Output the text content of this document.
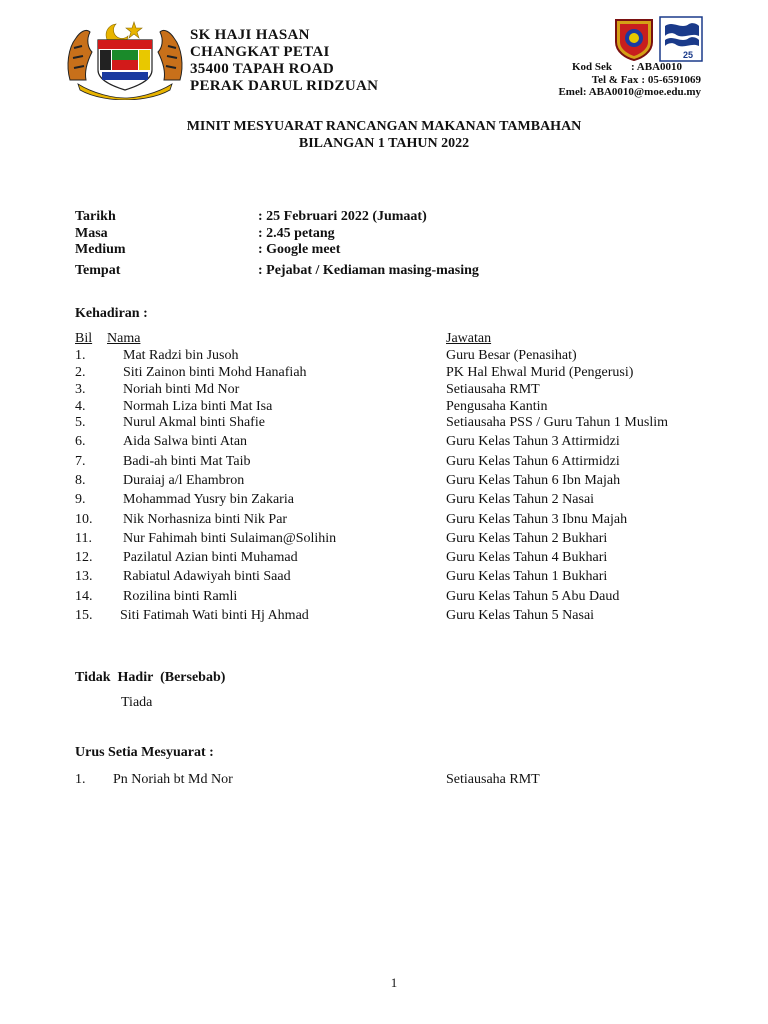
SK HAJI HASAN
CHANGKAT PETAI
35400 TAPAH ROAD
PERAK DARUL RIDZUAN
25
Kod Sek	: ABA0010
Tel & Fax : 05-6591069
Emel : ABA0010@moe.edu.my
MINIT MESYUARAT RANCANGAN MAKANAN TAMBAHAN
BILANGAN 1 TAHUN 2022
Tarikh	: 25 Februari 2022 (Jumaat)
Masa	: 2.45 petang
Medium	: Google meet
Tempat	: Pejabat / Kediaman masing-masing
Kehadiran :
Bil Nama	Jawatan
1.	Mat Radzi bin Jusoh	Guru Besar (Penasihat)
2.	Siti Zainon binti Mohd Hanafiah	PK Hal Ehwal Murid (Pengerusi)
3.	Noriah binti Md Nor	Setiausaha RMT
4.	Normah Liza binti Mat Isa	Pengusaha Kantin
5.	Nurul Akmal binti Shafie	Setiausaha PSS / Guru Tahun 1 Muslim
6.	Aida Salwa binti Atan	Guru Kelas Tahun 3 Attirmidzi
7.	Badi-ah binti Mat Taib	Guru Kelas Tahun 6 Attirmidzi
8.	Duraiaj a/l Ehambron	Guru Kelas Tahun 6 Ibn Majah
9.	Mohammad Yusry bin Zakaria	Guru Kelas Tahun 2 Nasai
10. Nik Norhasniza binti Nik Par	Guru Kelas Tahun 3 Ibnu Majah
11. Nur Fahimah binti Sulaiman@Solihin	Guru Kelas Tahun 2 Bukhari
12. Pazilatul Azian binti Muhamad	Guru Kelas Tahun 4 Bukhari
13. Rabiatul Adawiyah binti Saad	Guru Kelas Tahun 1 Bukhari
14. Rozilina binti Ramli	Guru Kelas Tahun 5 Abu Daud
15. Siti Fatimah Wati binti Hj Ahmad	Guru Kelas Tahun 5 Nasai
Tidak  Hadir  (Bersebab)
Tiada
Urus Setia Mesyuarat :
1. Pn Noriah bt Md Nor	Setiausaha RMT
1
